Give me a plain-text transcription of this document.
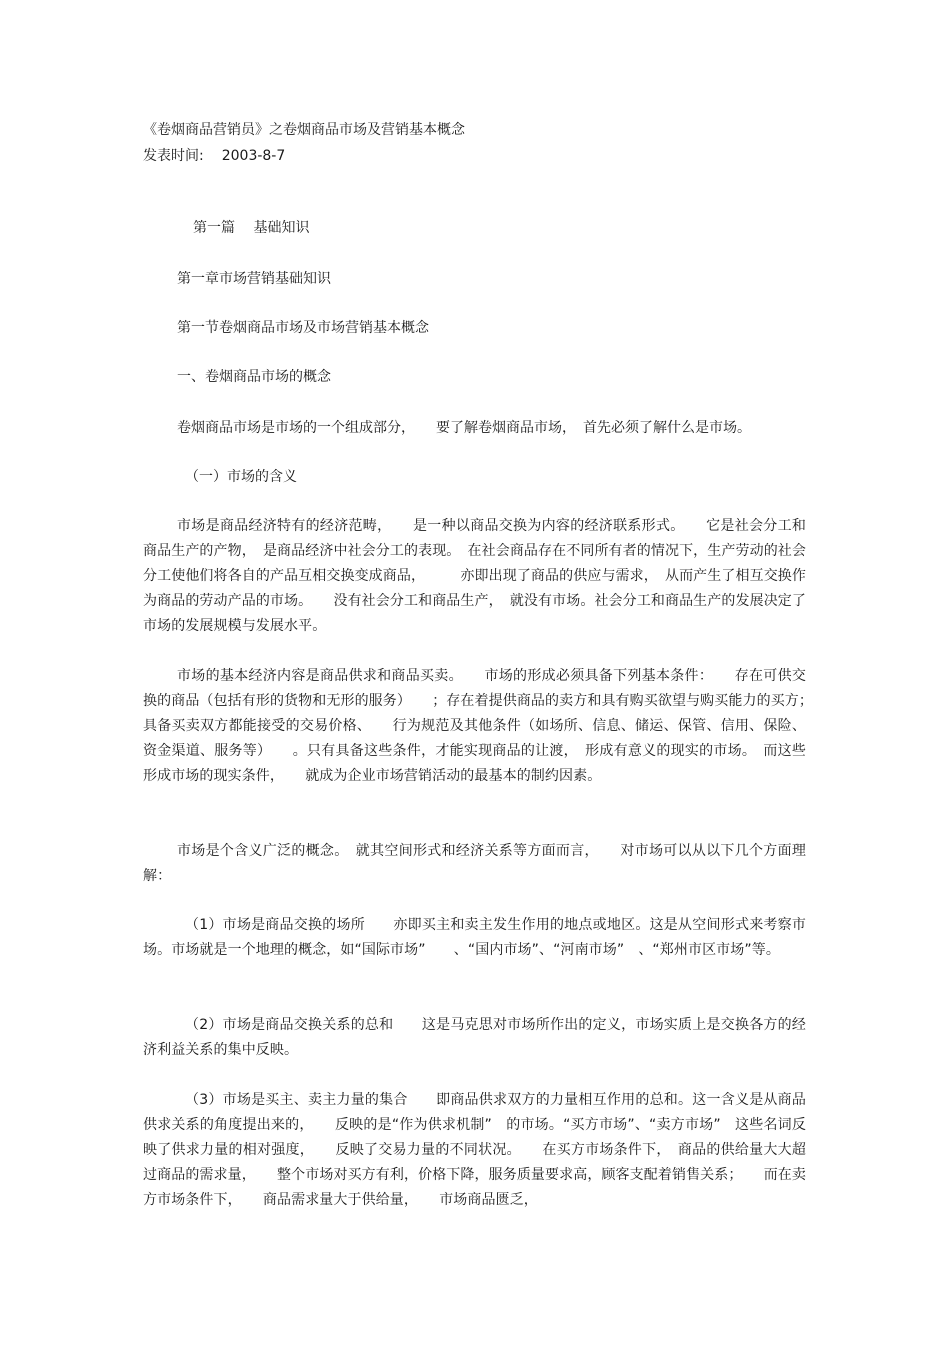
《卷烟商品营销员》之卷烟商品市场及营销基本概念
发表时间: 2003-8-7
第一篇　 基础知识
第一章市场营销基础知识
第一节卷烟商品市场及市场营销基本概念
一、卷烟商品市场的概念
卷烟商品市场是市场的一个组成部分，　　要了解卷烟商品市场，　首先必须了解什么是市场。
（一）市场的含义
市场是商品经济特有的经济范畴，　　是一种以商品交换为内容的经济联系形式。　　它是社会分工和商品生产的产物，　是商品经济中社会分工的表现。　在社会商品存在不同所有者的情况下，生产劳动的社会分工使他们将各自的产品互相交换变成商品，　　　亦即出现了商品的供应与需求，　从而产生了相互交换作为商品的劳动产品的市场。　　没有社会分工和商品生产，　就没有市场。社会分工和商品生产的发展决定了市场的发展规模与发展水平。
市场的基本经济内容是商品供求和商品买卖。　　市场的形成必须具备下列基本条件：　　存在可供交换的商品（包括有形的货物和无形的服务）　　；存在着提供商品的卖方和具有购买欲望与购买能力的买方；　　具备买卖双方都能接受的交易价格、　　行为规范及其他条件（如场所、信息、储运、保管、信用、保险、资金渠道、服务等）　　。只有具备这些条件，才能实现商品的让渡，　形成有意义的现实的市场。　而这些形成市场的现实条件，　　就成为企业市场营销活动的最基本的制约因素。
市场是个含义广泛的概念。　就其空间形式和经济关系等方面而言，　　对市场可以从以下几个方面理解：
（1）市场是商品交换的场所　　亦即买主和卖主发生作用的地点或地区。这是从空间形式来考察市场。市场就是一个地理的概念，如“国际市场”　　、“国内市场”、“河南市场”　、“郑州市区市场”等。
（2）市场是商品交换关系的总和　　这是马克思对市场所作出的定义，市场实质上是交换各方的经济利益关系的集中反映。
（3）市场是买主、卖主力量的集合　　即商品供求双方的力量相互作用的总和。这一含义是从商品供求关系的角度提出来的，　　反映的是“作为供求机制”　的市场。“买方市场”、“卖方市场”　这些名词反映了供求力量的相对强度，　　反映了交易力量的不同状况。　　在买方市场条件下，　商品的供给量大大超过商品的需求量，　　整个市场对买方有利，价格下降，服务质量要求高，顾客支配着销售关系；　　而在卖方市场条件下，　　商品需求量大于供给量，　　市场商品匮乏，
